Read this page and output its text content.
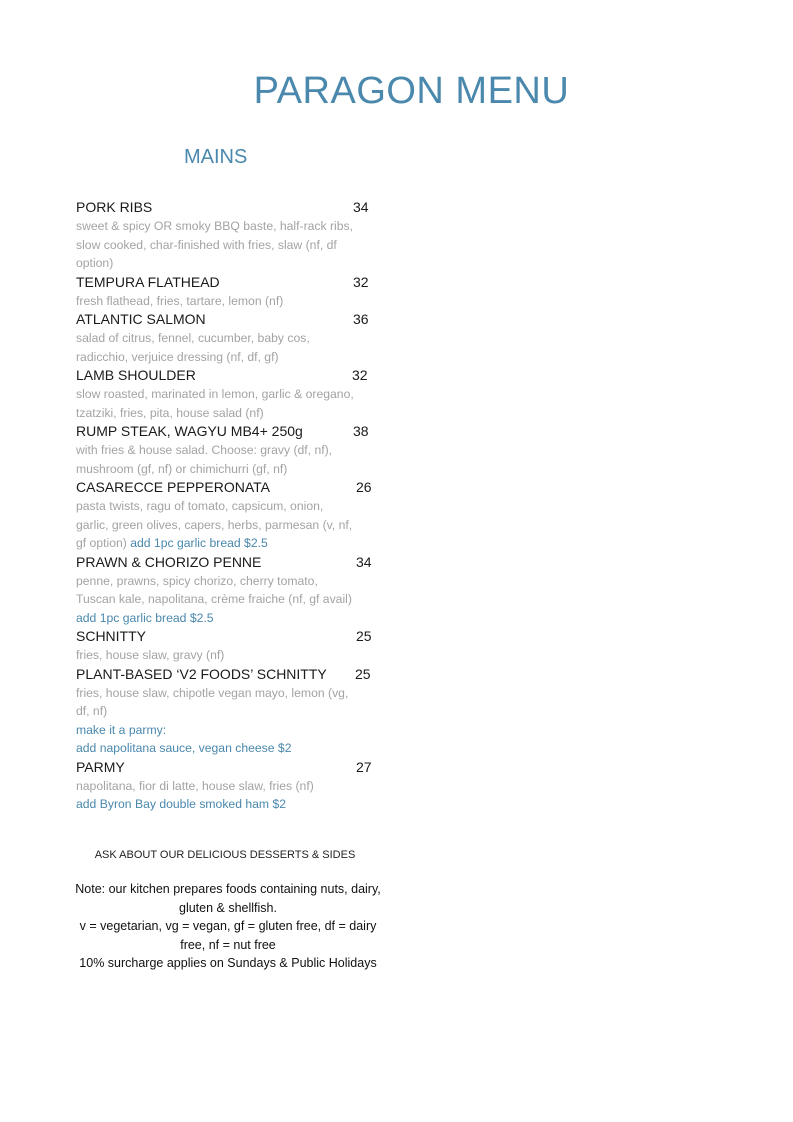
PARAGON MENU
MAINS
PORK RIBS	34
sweet & spicy OR smoky BBQ baste, half-rack ribs, slow cooked, char-finished with fries, slaw (nf, df option)
TEMPURA FLATHEAD	32
fresh flathead, fries, tartare, lemon (nf)
ATLANTIC SALMON	36
salad of citrus, fennel, cucumber, baby cos, radicchio, verjuice dressing (nf, df, gf)
LAMB SHOULDER	32
slow roasted, marinated in lemon, garlic & oregano, tzatziki, fries, pita, house salad (nf)
RUMP STEAK, WAGYU MB4+ 250g	38
with fries & house salad. Choose: gravy (df, nf), mushroom (gf, nf) or chimichurri (gf, nf)
CASARECCE PEPPERONATA	26
pasta twists, ragu of tomato, capsicum, onion, garlic, green olives, capers, herbs, parmesan (v, nf, gf option) add 1pc garlic bread $2.5
PRAWN & CHORIZO PENNE	34
penne, prawns, spicy chorizo, cherry tomato, Tuscan kale, napolitana, crème fraiche (nf, gf avail) add 1pc garlic bread $2.5
SCHNITTY	25
fries, house slaw, gravy (nf)
PLANT-BASED ‘V2 FOODS’ SCHNITTY 25
fries, house slaw, chipotle vegan mayo, lemon (vg, df, nf)
make it a parmy:
add napolitana sauce, vegan cheese $2
PARMY	27
napolitana, fior di latte, house slaw, fries (nf)
add Byron Bay double smoked ham $2
ASK ABOUT OUR DELICIOUS DESSERTS & SIDES
Note: our kitchen prepares foods containing nuts, dairy, gluten & shellfish.
v = vegetarian, vg = vegan, gf = gluten free, df = dairy free, nf = nut free
10% surcharge applies on Sundays & Public Holidays
